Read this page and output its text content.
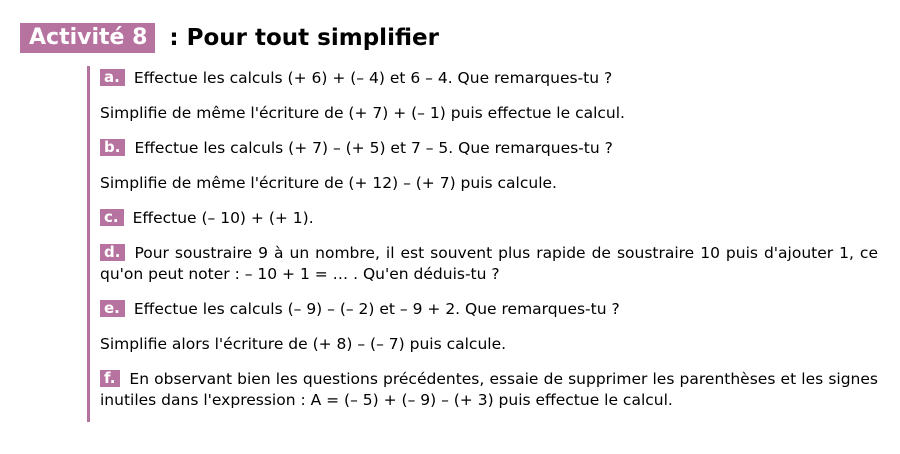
Activité 8 : Pour tout simplifier

a. Effectue les calculs (+ 6) + (– 4) et 6 – 4. Que remarques-tu ?

Simplifie de même l'écriture de (+ 7) + (– 1) puis effectue le calcul.

b. Effectue les calculs (+ 7) – (+ 5) et 7 – 5. Que remarques-tu ?

Simplifie de même l'écriture de (+ 12) – (+ 7) puis calcule.

c. Effectue (– 10) + (+ 1).

d. Pour soustraire 9 à un nombre, il est souvent plus rapide de soustraire 10 puis d'ajouter 1, ce qu'on peut noter : – 10 + 1 = … . Qu'en déduis-tu ?

e. Effectue les calculs (– 9) – (– 2) et – 9 + 2. Que remarques-tu ?

Simplifie alors l'écriture de (+ 8) – (– 7) puis calcule.

f. En observant bien les questions précédentes, essaie de supprimer les parenthèses et les signes inutiles dans l'expression : A = (– 5) + (– 9) – (+ 3) puis effectue le calcul.
